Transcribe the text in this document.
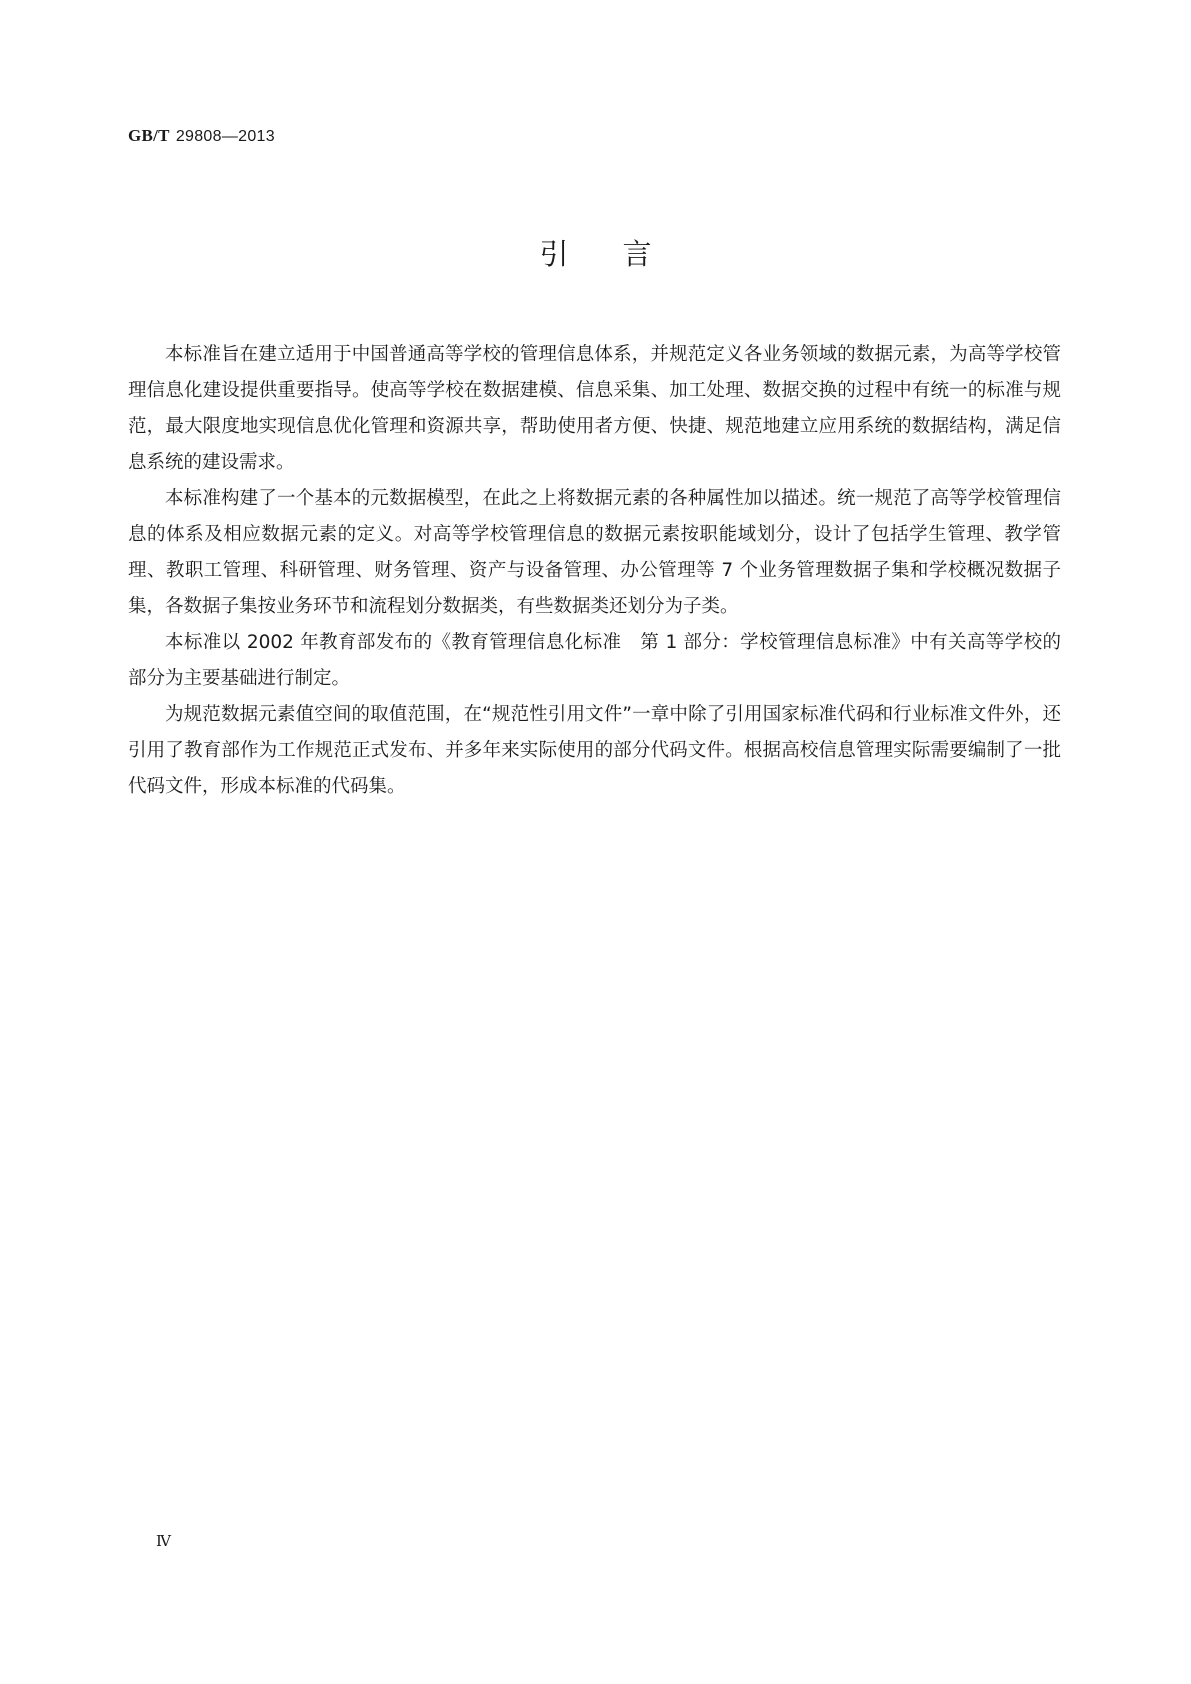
GB/T 29808—2013
引言

本标准旨在建立适用于中国普通高等学校的管理信息体系，并规范定义各业务领域的数据元素，为高等学校管理信息化建设提供重要指导。使高等学校在数据建模、信息采集、加工处理、数据交换的过程中有统一的标准与规范，最大限度地实现信息优化管理和资源共享，帮助使用者方便、快捷、规范地建立应用系统的数据结构，满足信息系统的建设需求。

本标准构建了一个基本的元数据模型，在此之上将数据元素的各种属性加以描述。统一规范了高等学校管理信息的体系及相应数据元素的定义。对高等学校管理信息的数据元素按职能域划分，设计了包括学生管理、教学管理、教职工管理、科研管理、财务管理、资产与设备管理、办公管理等 7 个业务管理数据子集和学校概况数据子集，各数据子集按业务环节和流程划分数据类，有些数据类还划分为子类。

本标准以 2002 年教育部发布的《教育管理信息化标准　第 1 部分：学校管理信息标准》中有关高等学校的部分为主要基础进行制定。

为规范数据元素值空间的取值范围，在“规范性引用文件”一章中除了引用国家标准代码和行业标准文件外，还引用了教育部作为工作规范正式发布、并多年来实际使用的部分代码文件。根据高校信息管理实际需要编制了一批代码文件，形成本标准的代码集。

Ⅳ
